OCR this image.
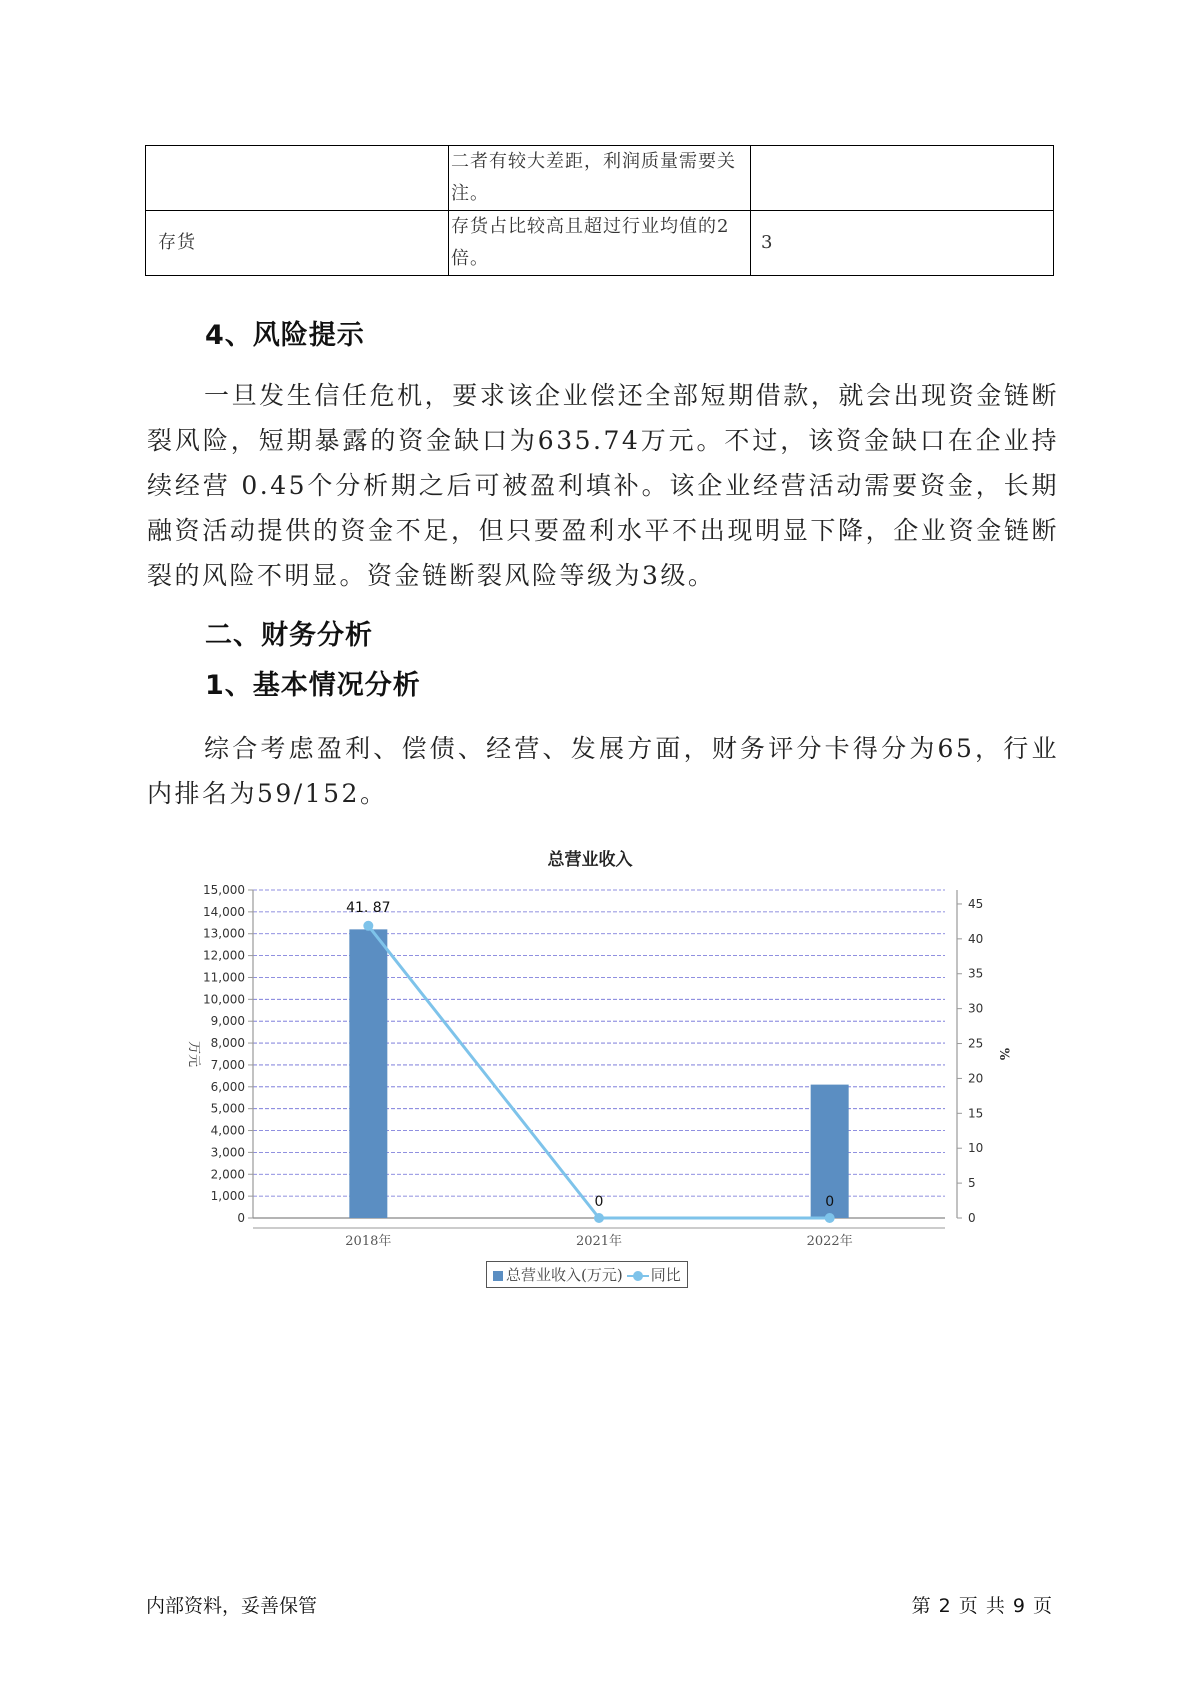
	二者有较大差距，利润质量需要关注。	
存货	存货占比较高且超过行业均值的2倍。	3
4、风险提示

一旦发生信任危机，要求该企业偿还全部短期借款，就会出现资金链断裂风险，短期暴露的资金缺口为635.74万元。不过，该资金缺口在企业持续经营 0.45个分析期之后可被盈利填补。该企业经营活动需要资金，长期融资活动提供的资金不足，但只要盈利水平不出现明显下降，企业资金链断裂的风险不明显。资金链断裂风险等级为3级。

二、财务分析
1、基本情况分析

综合考虑盈利、偿债、经营、发展方面，财务评分卡得分为65，行业内排名为59/152。

总营业收入
0
1,000
2,000
3,000
4,000
5,000
6,000
7,000
8,000
9,000
10,000
11,000
12,000
13,000
14,000
15,000
0
5
10
15
20
25
30
35
40
45
万元	%
2018年	2021年	2022年
41. 87
0	0
总营业收入(万元) 同比
内部资料，妥善保管	第 2 页 共 9 页
